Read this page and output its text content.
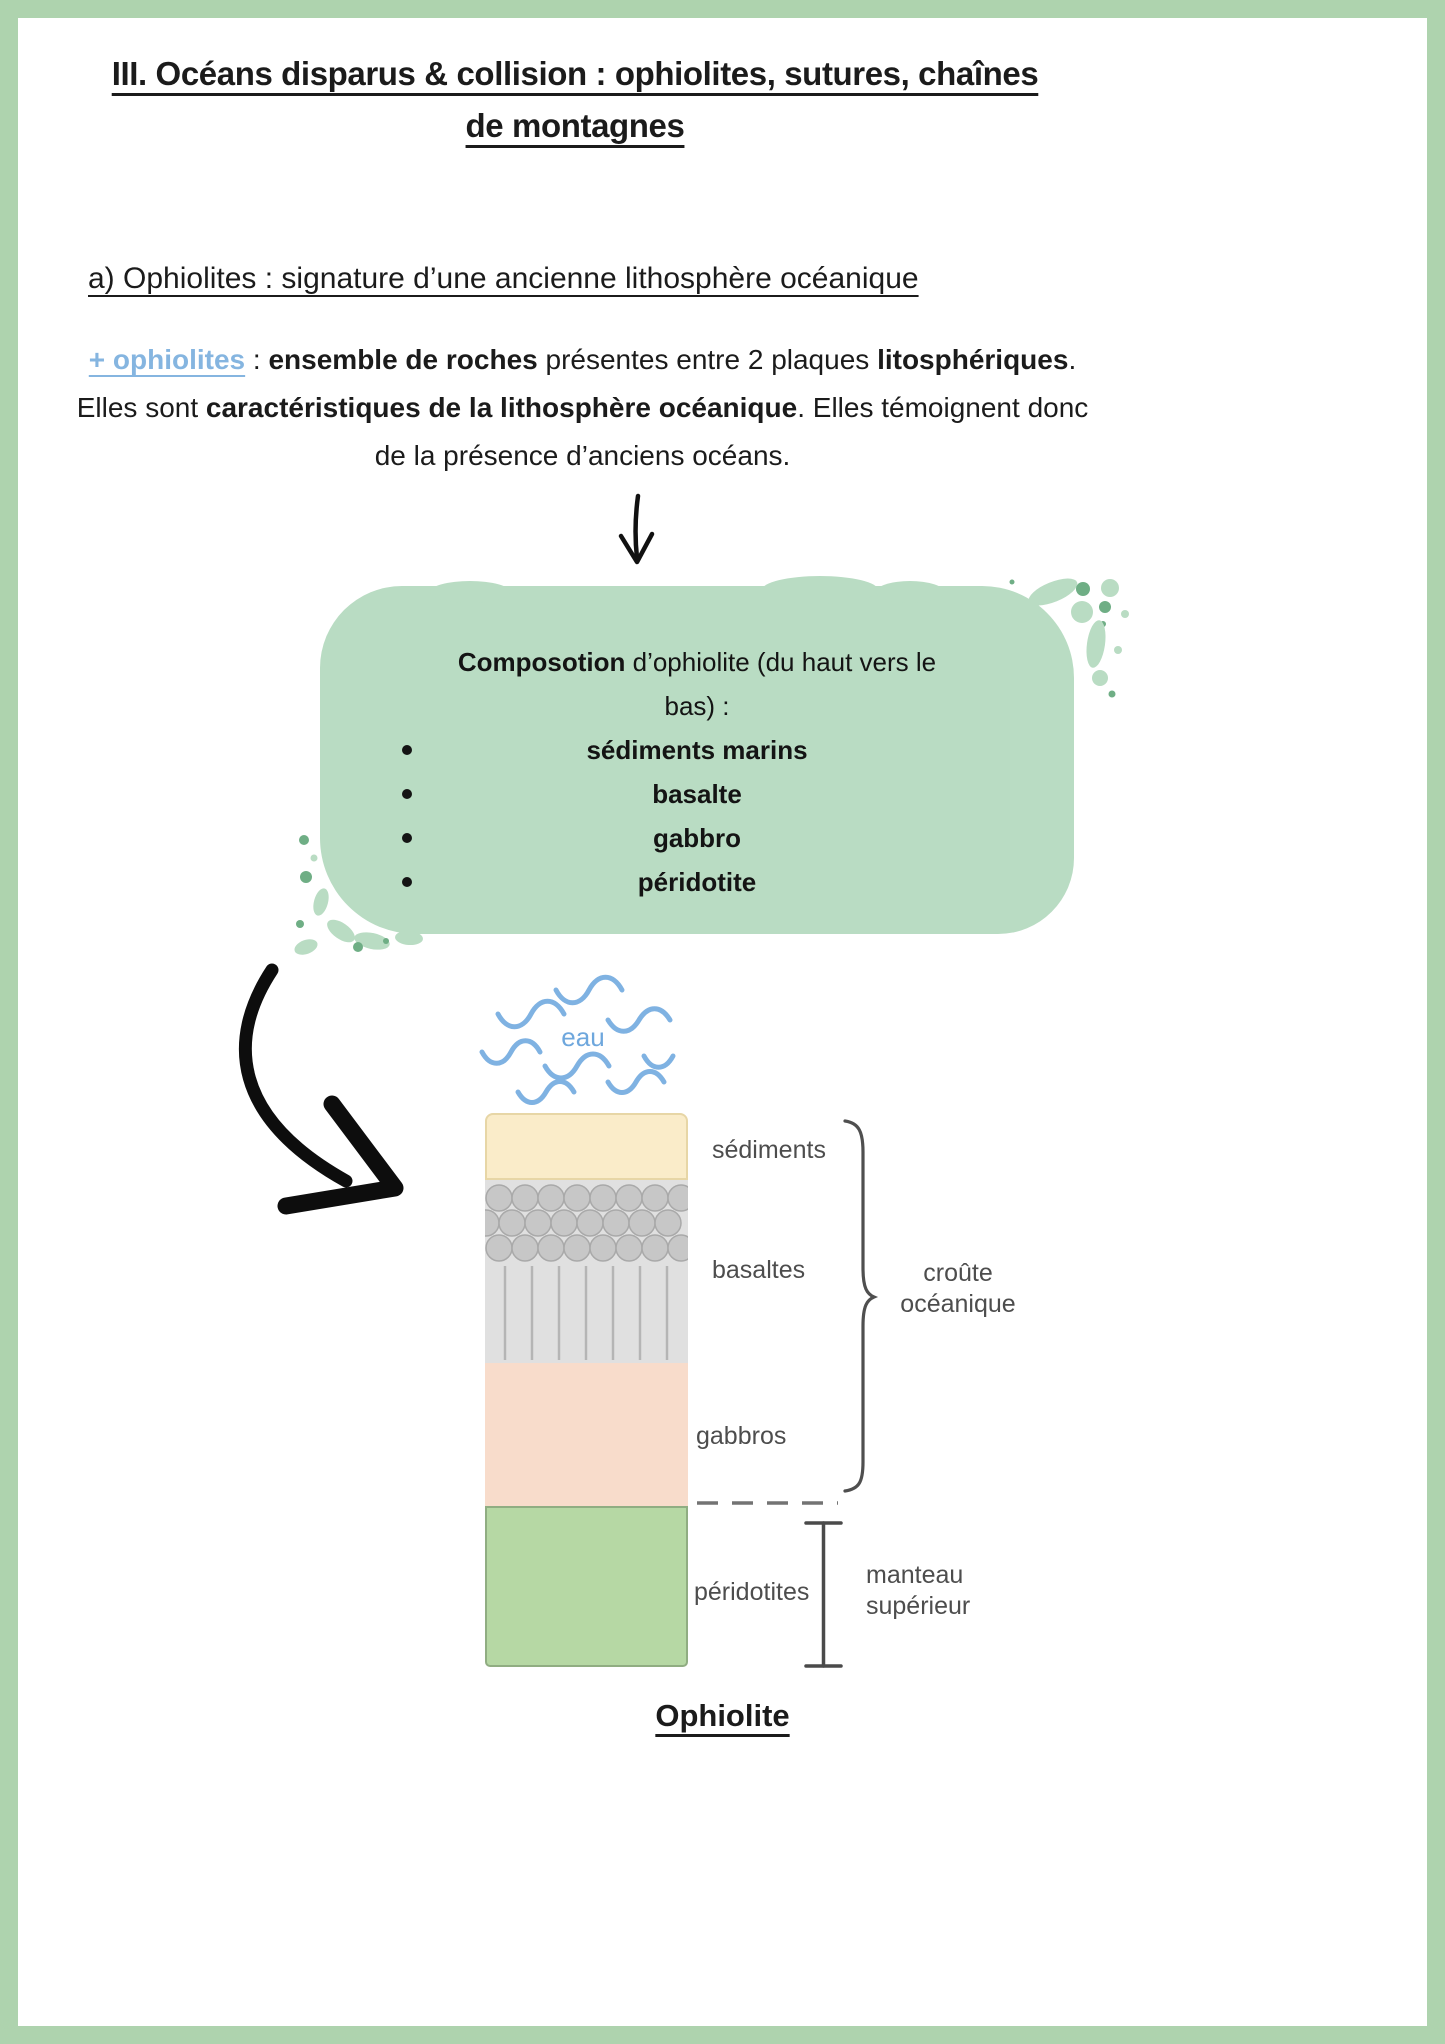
III. Océans disparus & collision : ophiolites, sutures, chaînes
de montagnes
a) Ophiolites : signature d’une ancienne lithosphère océanique
+ ophiolites : ensemble de roches présentes entre 2 plaques litosphériques.
Elles sont caractéristiques de la lithosphère océanique. Elles témoignent donc
de la présence d’anciens océans.
Composotion d’ophiolite (du haut vers le
bas) :
sédiments marins
basalte
gabbro
péridotite
eau
sédiments
basaltes
gabbros
péridotites
croûte
océanique
manteau
supérieur
Ophiolite
